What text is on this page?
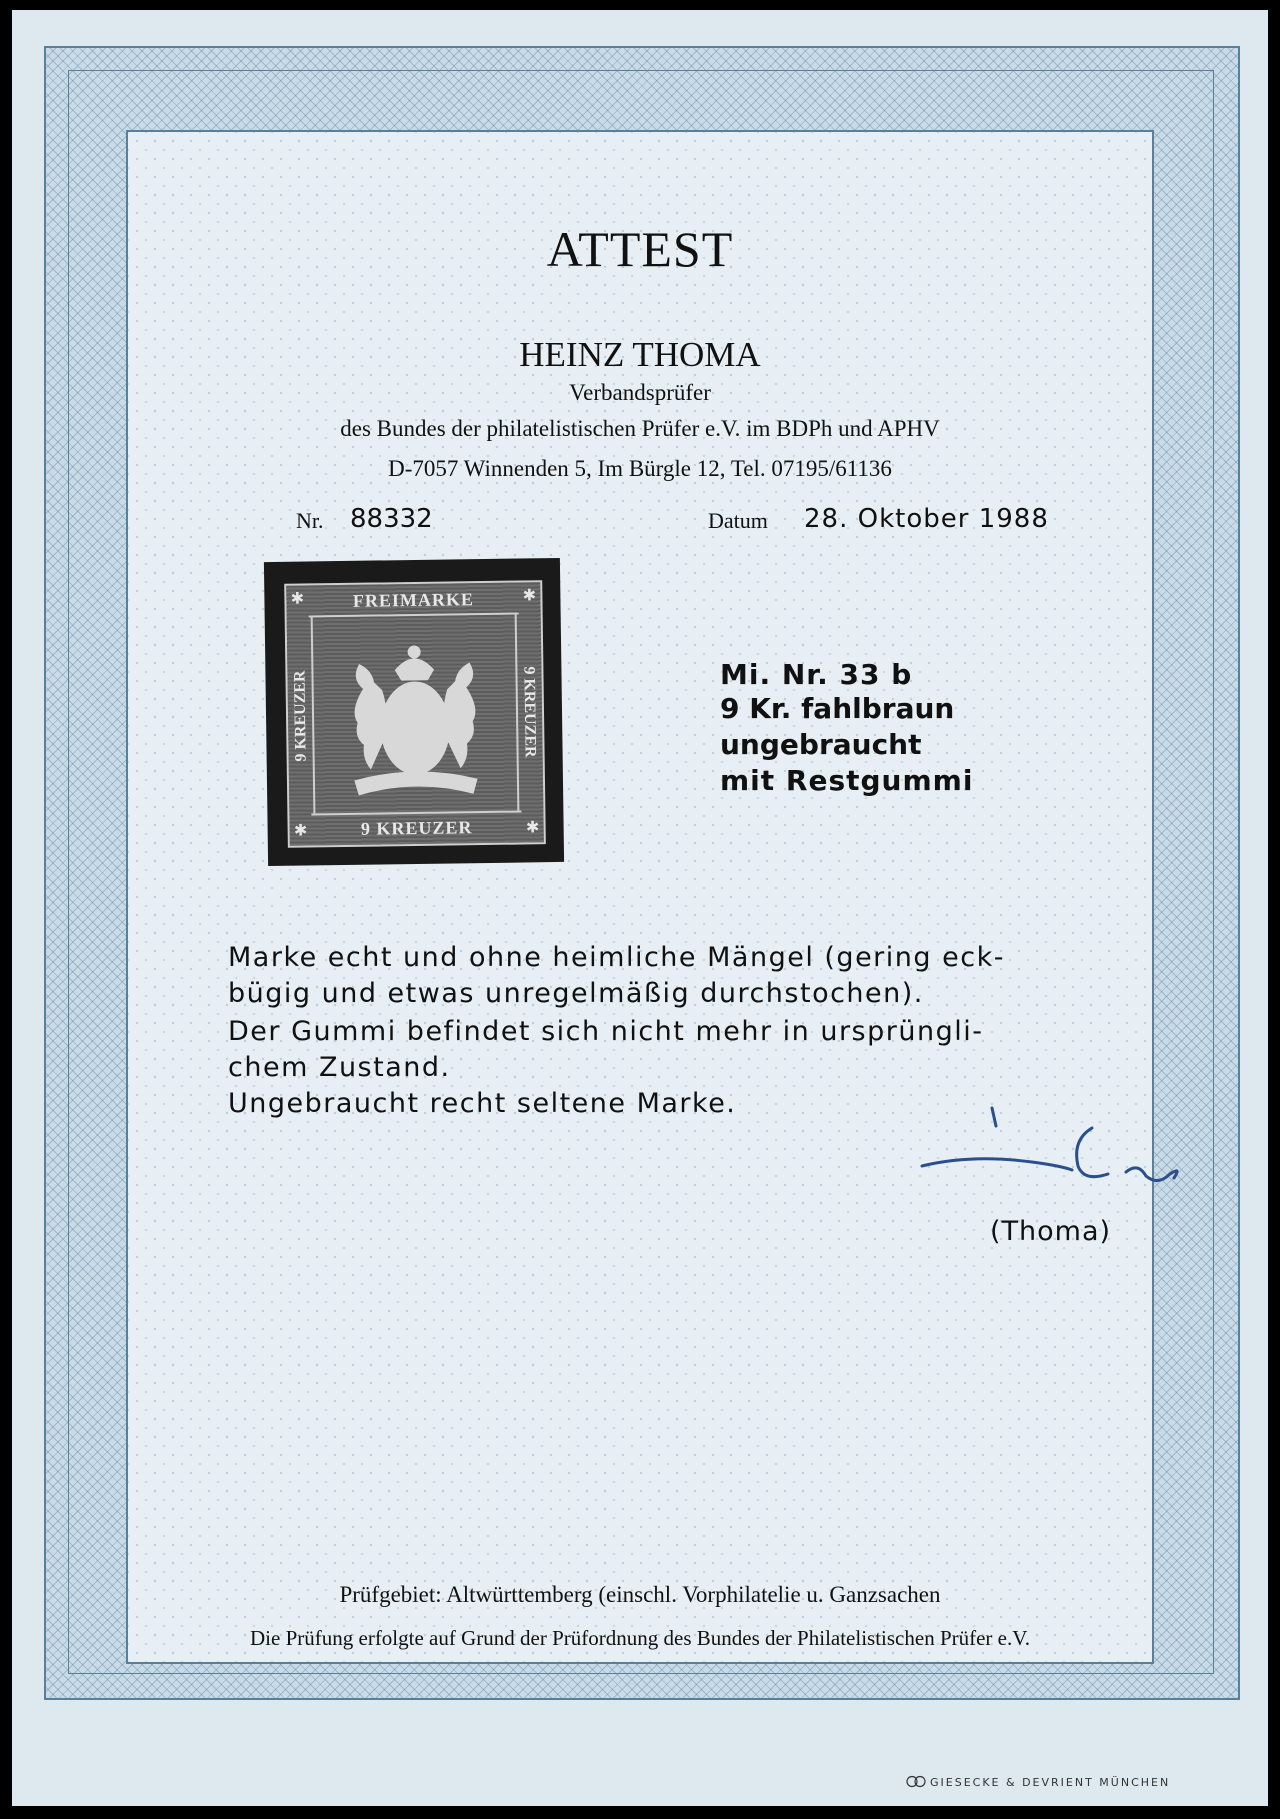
ATTEST
HEINZ THOMA
Verbandsprüfer
des Bundes der philatelistischen Prüfer e.V. im BDPh und APHV
D-7057 Winnenden 5, Im Bürgle 12, Tel. 07195/61136
Nr. 88332	Datum 28. Oktober 1988
✱	✱
✱	✱
FREIMARKE
9 KREUZER
9 KREUZER	9 KREUZER	Mi. Nr. 33 b
9 Kr. fahlbraun
ungebraucht
mit Restgummi
Marke echt und ohne heimliche Mängel (gering eck-
bügig und etwas unregelmäßig durchstochen).
Der Gummi befindet sich nicht mehr in ursprüngli-
chem Zustand.
Ungebraucht recht seltene Marke.
(Thoma)
Prüfgebiet: Altwürttemberg (einschl. Vorphilatelie u. Ganzsachen
Die Prüfung erfolgte auf Grund der Prüfordnung des Bundes der Philatelistischen Prüfer e.V.
GIESECKE & DEVRIENT MÜNCHEN
